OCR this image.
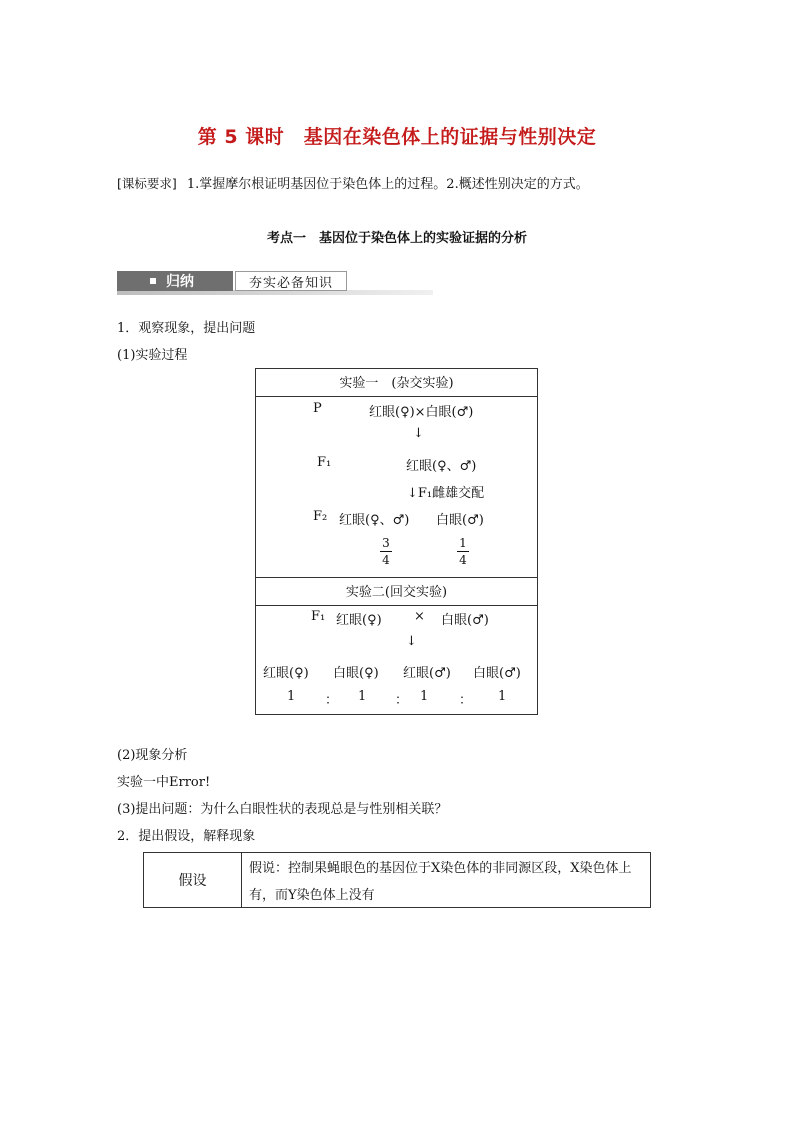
第 5 课时　基因在染色体上的证据与性别决定
[课标要求] 1.掌握摩尔根证明基因位于染色体上的过程。2.概述性别决定的方式。
考点一　基因位于染色体上的实验证据的分析
归纳	夯实必备知识
1．观察现象，提出问题
(1)实验过程
实验一　(杂交实验)
P	红眼(♀)×白眼(♂)
↓
F₁	红眼(♀、♂)
↓F₁雌雄交配
F₂ 红眼(♀、♂) 白眼(♂)
3
4
1
4
实验二(回交实验)
F₁ 红眼(♀) × 白眼(♂)
↓
红眼(♀) 白眼(♀) 红眼(♂) 白眼(♂)
1 ： 1 ： 1 ： 1
(2)现象分析
实验一中Error!
(3)提出问题：为什么白眼性状的表现总是与性别相关联？
2．提出假设，解释现象
假设
假说：控制果蝇眼色的基因位于X染色体的非同源区段，X染色体上有，而Y染色体上没有
